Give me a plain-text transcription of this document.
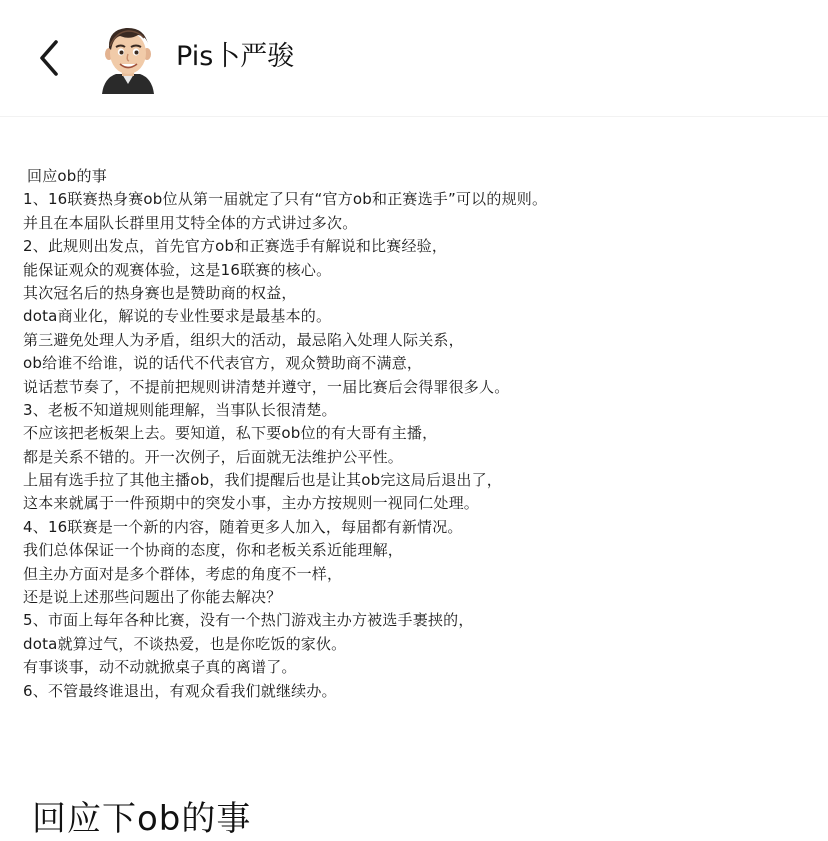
Pis卜严骏
回应ob的事
1、16联赛热身赛ob位从第一届就定了只有“官方ob和正赛选手”可以的规则。
并且在本届队长群里用艾特全体的方式讲过多次。
2、此规则出发点，首先官方ob和正赛选手有解说和比赛经验，
能保证观众的观赛体验，这是16联赛的核心。
其次冠名后的热身赛也是赞助商的权益，
dota商业化，解说的专业性要求是最基本的。
第三避免处理人为矛盾，组织大的活动，最忌陷入处理人际关系，
ob给谁不给谁，说的话代不代表官方，观众赞助商不满意，
说话惹节奏了，不提前把规则讲清楚并遵守，一届比赛后会得罪很多人。
3、老板不知道规则能理解，当事队长很清楚。
不应该把老板架上去。要知道，私下要ob位的有大哥有主播，
都是关系不错的。开一次例子，后面就无法维护公平性。
上届有选手拉了其他主播ob，我们提醒后也是让其ob完这局后退出了，
这本来就属于一件预期中的突发小事，主办方按规则一视同仁处理。
4、16联赛是一个新的内容，随着更多人加入，每届都有新情况。
我们总体保证一个协商的态度，你和老板关系近能理解，
但主办方面对是多个群体，考虑的角度不一样，
还是说上述那些问题出了你能去解决？
5、市面上每年各种比赛，没有一个热门游戏主办方被选手裹挟的，
dota就算过气，不谈热爱，也是你吃饭的家伙。
有事谈事，动不动就掀桌子真的离谱了。
6、不管最终谁退出，有观众看我们就继续办。
回应下ob的事
